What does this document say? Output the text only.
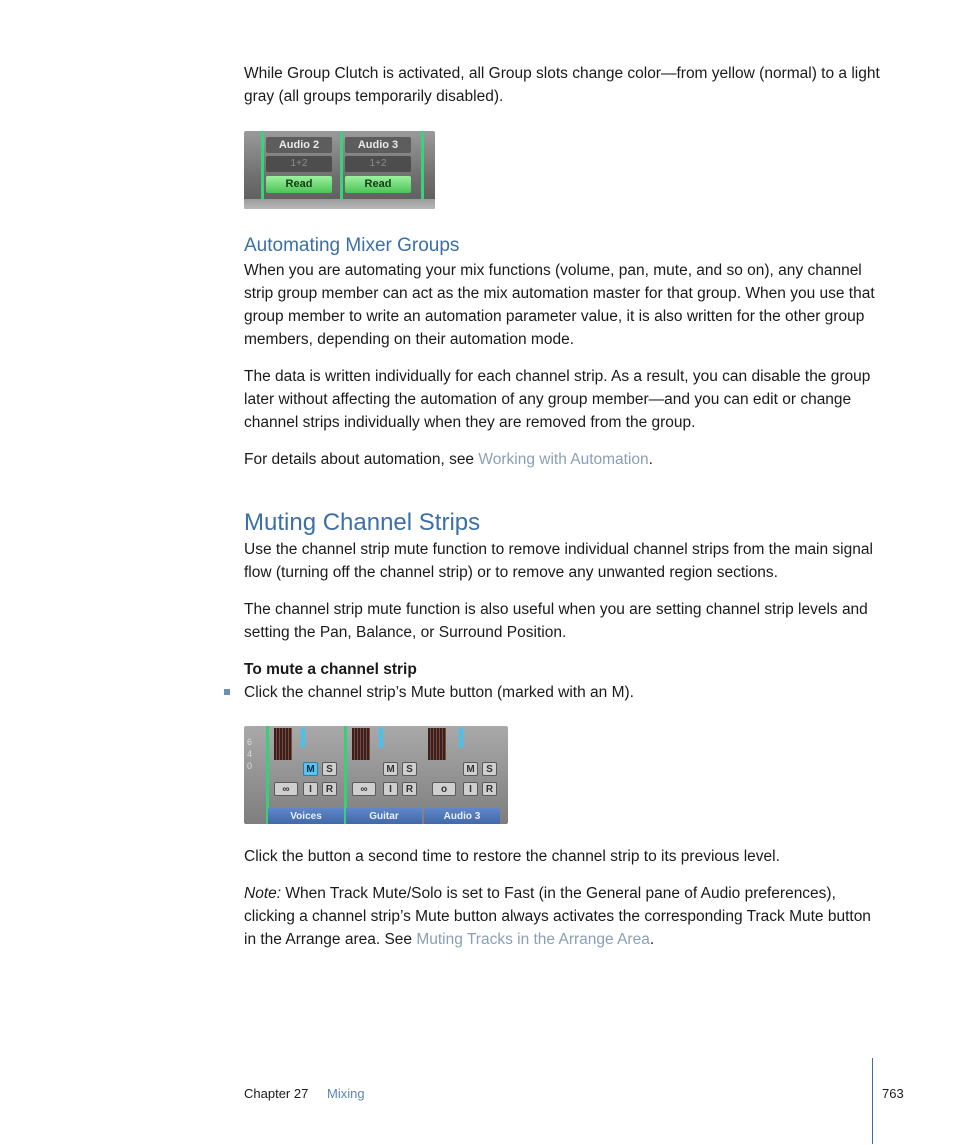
While Group Clutch is activated, all Group slots change color—from yellow (normal) to a light gray (all groups temporarily disabled).

Audio 2
1+2
Read
Audio 3
1+2
Read
Automating Mixer Groups

When you are automating your mix functions (volume, pan, mute, and so on), any channel strip group member can act as the mix automation master for that group. When you use that group member to write an automation parameter value, it is also written for the other group members, depending on their automation mode.

The data is written individually for each channel strip. As a result, you can disable the group later without affecting the automation of any group member—and you can edit or change channel strips individually when they are removed from the group.

For details about automation, see Working with Automation.

Muting Channel Strips

Use the channel strip mute function to remove individual channel strips from the main signal flow (turning off the channel strip) or to remove any unwanted region sections.

The channel strip mute function is also useful when you are setting channel strip levels and setting the Pan, Balance, or Surround Position.

To mute a channel strip

Click the channel strip’s Mute button (marked with an M).

6
4
0	M	S
∞	I	R
Voices
M	S
∞	I	R
Guitar
M	S
o	I	R
Audio 3

Click the button a second time to restore the channel strip to its previous level.

Note: When Track Mute/Solo is set to Fast (in the General pane of Audio preferences), clicking a channel strip’s Mute button always activates the corresponding Track Mute button in the Arrange area. See Muting Tracks in the Arrange Area.

Chapter 27 Mixing	763
